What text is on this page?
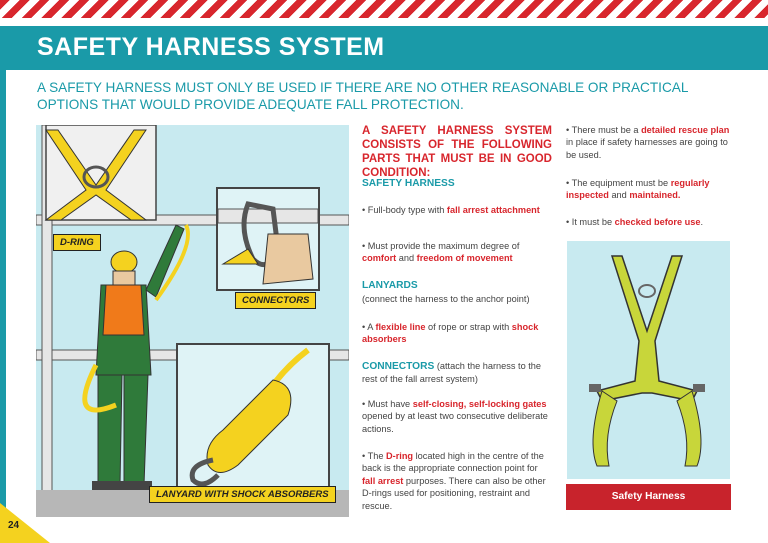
SAFETY HARNESS SYSTEM
A SAFETY HARNESS MUST ONLY BE USED IF THERE ARE NO OTHER REASONABLE OR PRACTICAL OPTIONS THAT WOULD PROVIDE ADEQUATE FALL PROTECTION.
D-RING
CONNECTORS
LANYARD WITH SHOCK ABSORBERS
A SAFETY HARNESS SYSTEM CONSISTS OF THE FOLLOWING PARTS THAT MUST BE IN GOOD CONDITION:
SAFETY HARNESS

• Full-body type with fall arrest attachment

• Must provide the maximum degree of comfort and freedom of movement

LANYARDS

(connect the harness to the anchor point)

• A flexible line of rope or strap with shock absorbers

CONNECTORS (attach the harness to the rest of the fall arrest system)

• Must have self-closing, self-locking gates opened by at least two consecutive deliberate actions.

• The D-ring located high in the centre of the back is the appropriate connection point for fall arrest purposes. There can also be other D-rings used for positioning, restraint and rescue.

• There must be a detailed rescue plan in place if safety harnesses are going to be used.

• The equipment must be regularly inspected and maintained.

• It must be checked before use.

Safety Harness
24
